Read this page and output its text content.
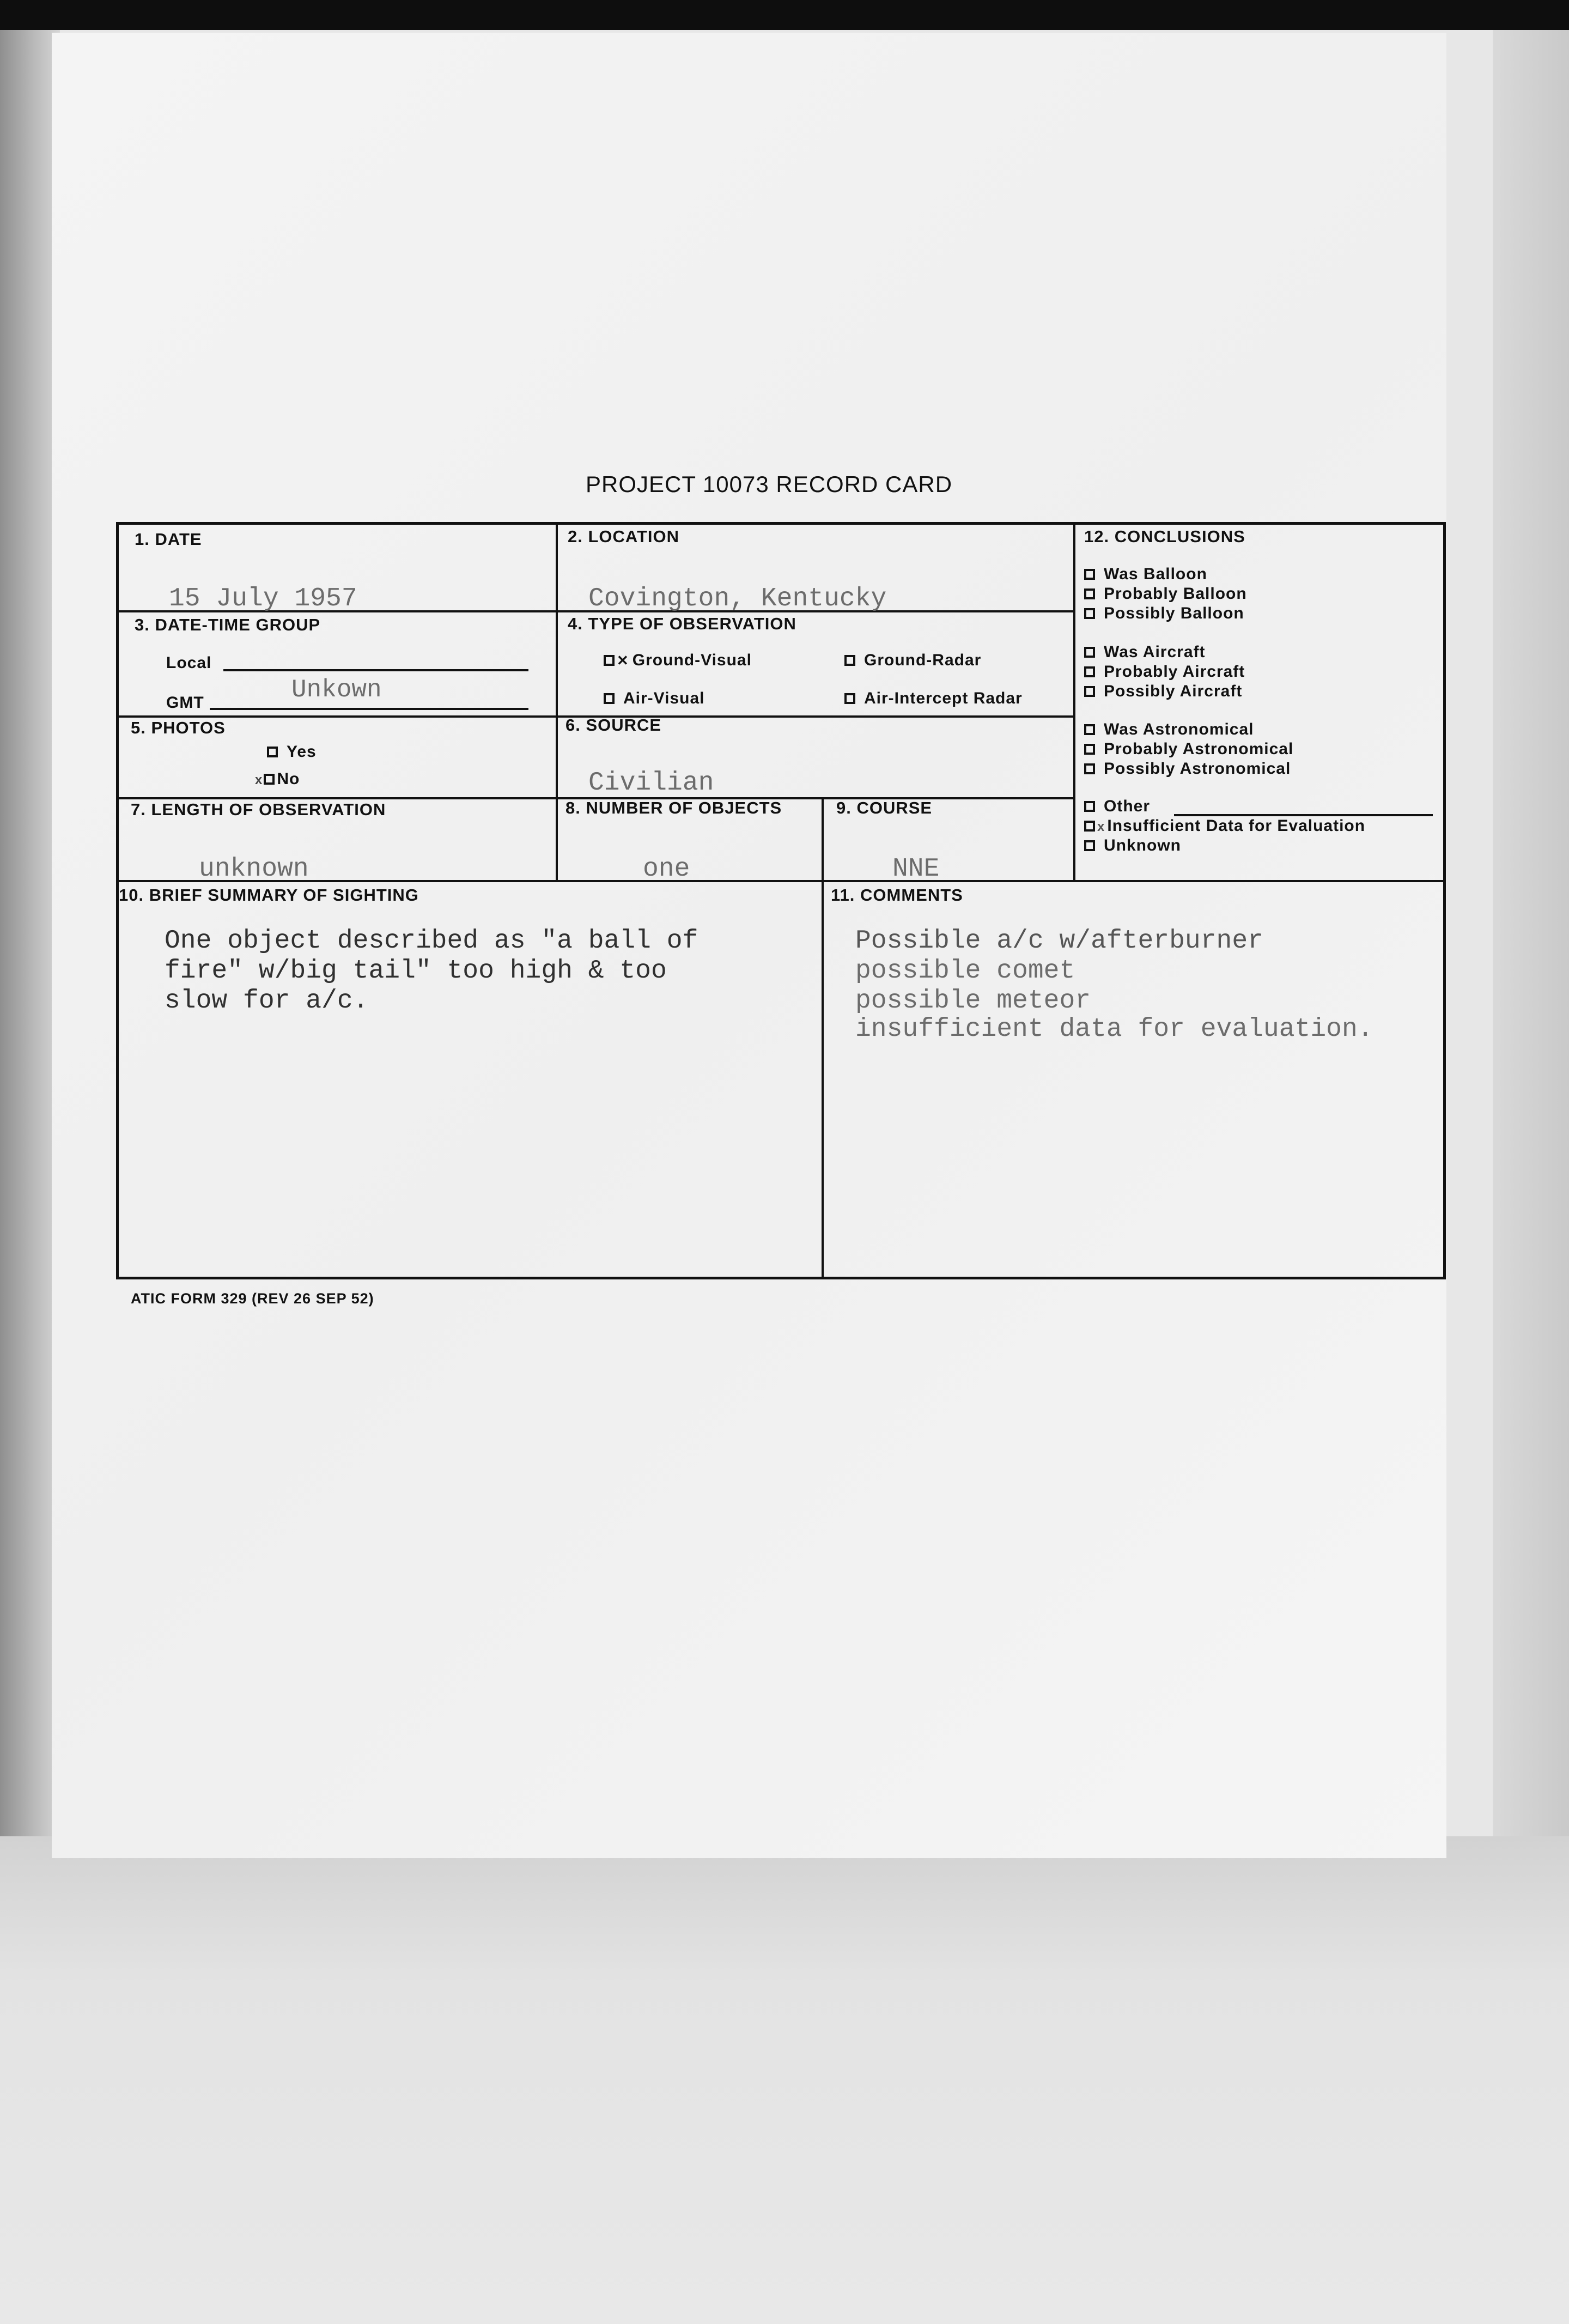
PROJECT 10073 RECORD CARD
1. DATE
15 July 1957
2. LOCATION
Covington, Kentucky
3. DATE-TIME GROUP
Local
GMT	Unkown
4. TYPE OF OBSERVATION
✕ Ground-Visual	Ground-Radar
Air-Visual	Air-Intercept Radar
5. PHOTOS
Yes
x No
6. SOURCE
Civilian
7. LENGTH OF OBSERVATION
unknown
8. NUMBER OF OBJECTS
one
9. COURSE
NNE
10. BRIEF SUMMARY OF SIGHTING
One object described as "a ball of
fire" w/big tail" too high & too
slow for a/c.
11. COMMENTS
Possible a/c w/afterburner
possible comet
possible meteor
insufficient data for evaluation.
12. CONCLUSIONS
Was Balloon
Probably Balloon
Possibly Balloon
Was Aircraft
Probably Aircraft
Possibly Aircraft
Was Astronomical
Probably Astronomical
Possibly Astronomical
Other
x Insufficient Data for Evaluation
Unknown
ATIC FORM 329 (REV 26 SEP 52)
